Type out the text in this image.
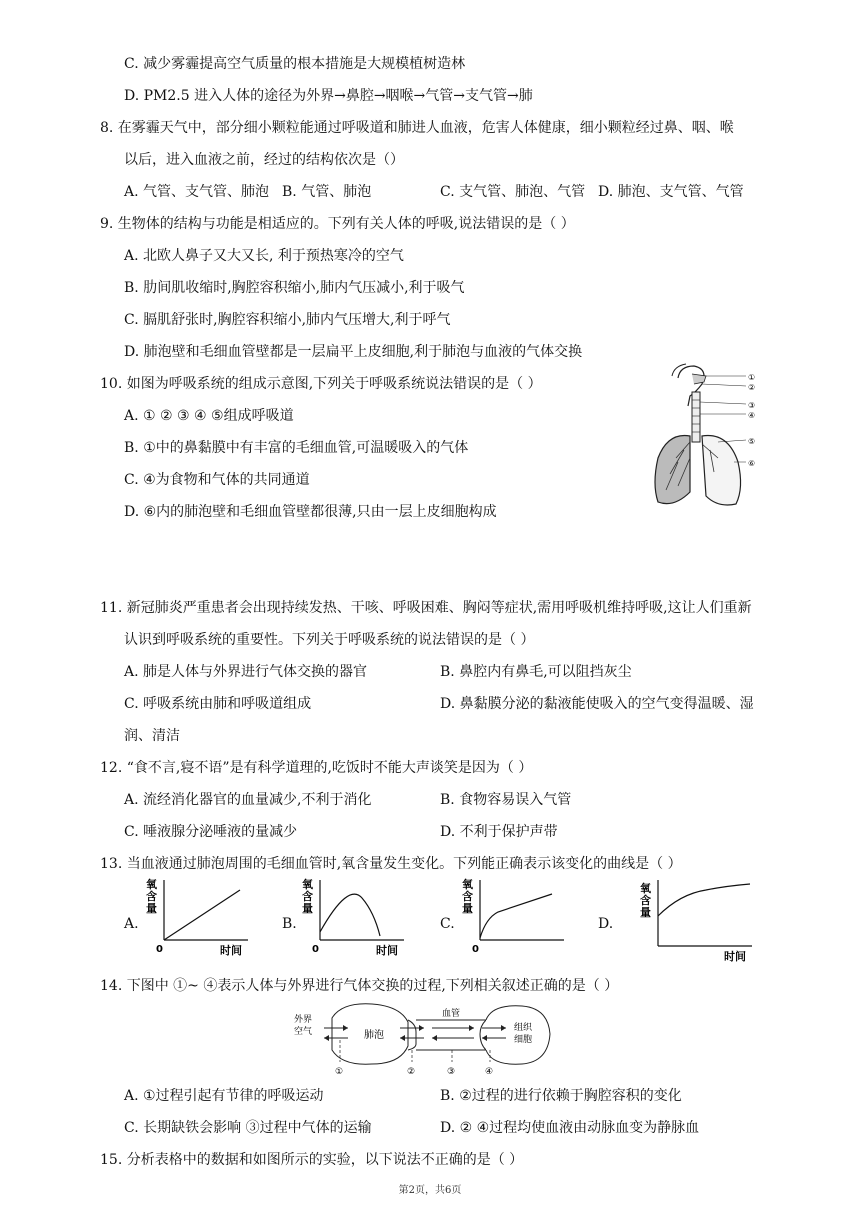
C. 减少雾霾提高空气质量的根本措施是大规模植树造林
D. PM2.5 进入人体的途径为外界→鼻腔→咽喉→气管→支气管→肺
8. 在雾霾天气中，部分细小颗粒能通过呼吸道和肺进人血液，危害人体健康，细小颗粒经过鼻、咽、喉
以后，进入血液之前，经过的结构依次是（）
A. 气管、支气管、肺泡 B. 气管、肺泡	C. 支气管、肺泡、气管 D. 肺泡、支气管、气管
9. 生物体的结构与功能是相适应的。下列有关人体的呼吸,说法错误的是（ ）
A. 北欧人鼻子又大又长, 利于预热寒冷的空气
B. 肋间肌收缩时,胸腔容积缩小,肺内气压减小,利于吸气
C. 膈肌舒张时,胸腔容积缩小,肺内气压增大,利于呼气
D. 肺泡壁和毛细血管壁都是一层扁平上皮细胞,利于肺泡与血液的气体交换
10. 如图为呼吸系统的组成示意图,下列关于呼吸系统说法错误的是（ ）
A. ① ② ③ ④ ⑤组成呼吸道
B. ①中的鼻黏膜中有丰富的毛细血管,可温暖吸入的气体
C. ④为食物和气体的共同通道
D. ⑥内的肺泡壁和毛细血管壁都很薄,只由一层上皮细胞构成
①
②
③
④
⑤
⑥
11. 新冠肺炎严重患者会出现持续发热、干咳、呼吸困难、胸闷等症状,需用呼吸机维持呼吸,这让人们重新
认识到呼吸系统的重要性。下列关于呼吸系统的说法错误的是（ ）
A. 肺是人体与外界进行气体交换的器官	B. 鼻腔内有鼻毛,可以阻挡灰尘
C. 呼吸系统由肺和呼吸道组成	D. 鼻黏膜分泌的黏液能使吸入的空气变得温暖、湿
润、清洁
12. “食不言,寝不语”是有科学道理的,吃饭时不能大声谈笑是因为（ ）
A. 流经消化器官的血量减少,不利于消化	B. 食物容易误入气管
C. 唾液腺分泌唾液的量减少	D. 不利于保护声带
13. 当血液通过肺泡周围的毛细血管时,氧含量发生变化。下列能正确表示该变化的曲线是（ ）
A.	B.	C.	D.
氧
含
量
0	时间
氧
含
量
0	时间
氧
含
量
0
氧
含
量
时间
14. 下图中 ①~ ④表示人体与外界进行气体交换的过程,下列相关叙述正确的是（ ）
外界
空气	肺泡
血管
组织
细胞
①	②	③	④
A. ①过程引起有节律的呼吸运动	B. ②过程的进行依赖于胸腔容积的变化
C. 长期缺铁会影响 ③过程中气体的运输	D. ② ④过程均使血液由动脉血变为静脉血
15. 分析表格中的数据和如图所示的实验，以下说法不正确的是（ ）
第2页，共6页
